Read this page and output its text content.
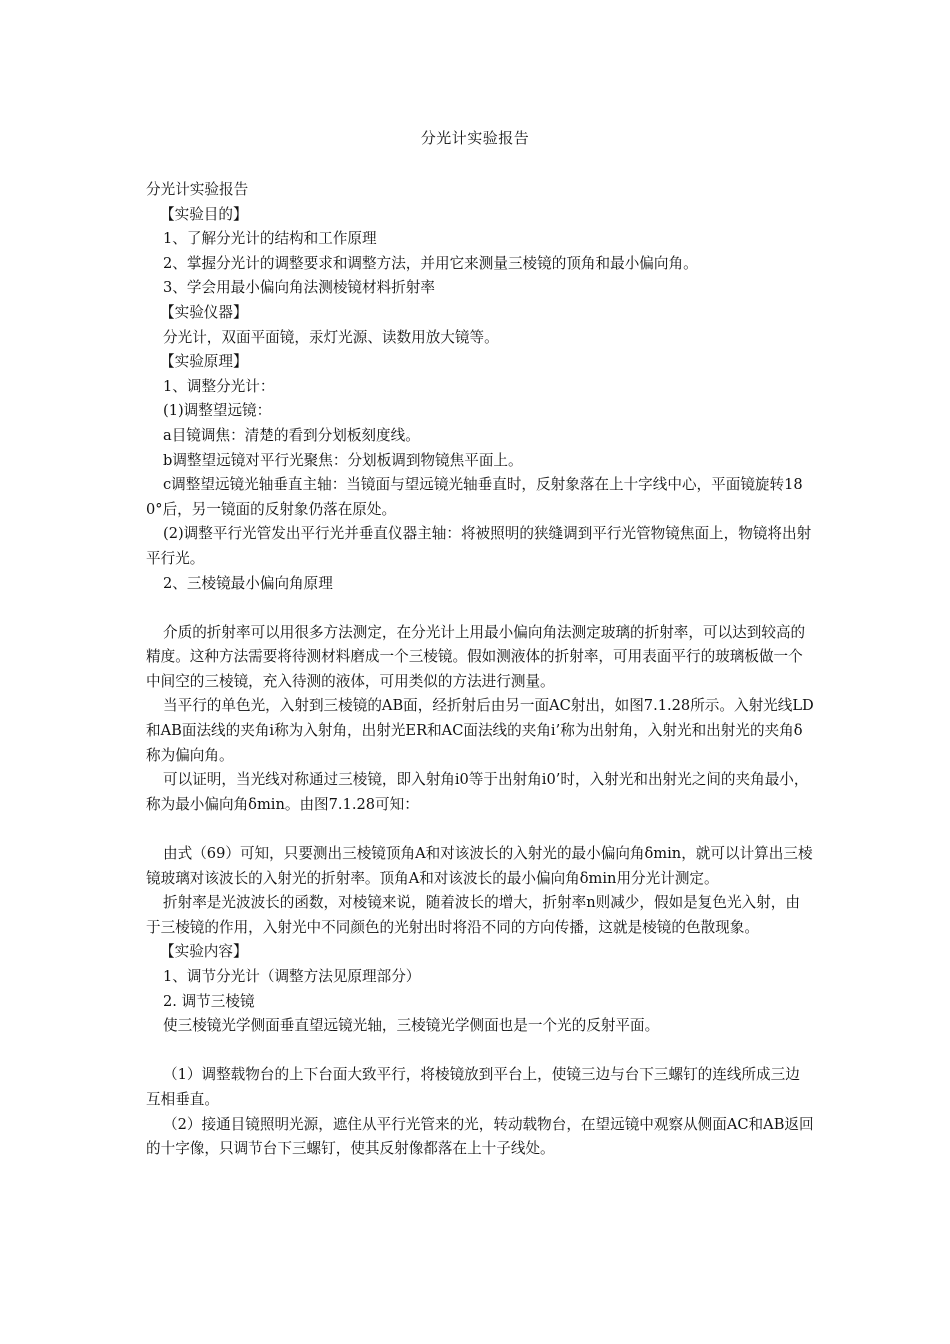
分光计实验报告

分光计实验报告

【实验目的】

1、了解分光计的结构和工作原理

2、掌握分光计的调整要求和调整方法，并用它来测量三棱镜的顶角和最小偏向角。

3、学会用最小偏向角法测棱镜材料折射率

【实验仪器】

分光计，双面平面镜，汞灯光源、读数用放大镜等。

【实验原理】

1、调整分光计：

(1)调整望远镜：

a目镜调焦：清楚的看到分划板刻度线。

b调整望远镜对平行光聚焦：分划板调到物镜焦平面上。

c调整望远镜光轴垂直主轴：当镜面与望远镜光轴垂直时，反射象落在上十字线中心，平面镜旋转180°后，另一镜面的反射象仍落在原处。

(2)调整平行光管发出平行光并垂直仪器主轴：将被照明的狭缝调到平行光管物镜焦面上，物镜将出射平行光。

2、三棱镜最小偏向角原理

介质的折射率可以用很多方法测定，在分光计上用最小偏向角法测定玻璃的折射率，可以达到较高的精度。这种方法需要将待测材料磨成一个三棱镜。假如测液体的折射率，可用表面平行的玻璃板做一个中间空的三棱镜，充入待测的液体，可用类似的方法进行测量。

当平行的单色光，入射到三棱镜的AB面，经折射后由另一面AC射出，如图7.1.28所示。入射光线LD和AB面法线的夹角i称为入射角，出射光ER和AC面法线的夹角i’称为出射角，入射光和出射光的夹角δ称为偏向角。

可以证明，当光线对称通过三棱镜，即入射角i0等于出射角i0’时，入射光和出射光之间的夹角最小，称为最小偏向角δmin。由图7.1.28可知：

由式（69）可知，只要测出三棱镜顶角A和对该波长的入射光的最小偏向角δmin，就可以计算出三棱镜玻璃对该波长的入射光的折射率。顶角A和对该波长的最小偏向角δmin用分光计测定。

折射率是光波波长的函数，对棱镜来说，随着波长的增大，折射率n则减少，假如是复色光入射，由于三棱镜的作用，入射光中不同颜色的光射出时将沿不同的方向传播，这就是棱镜的色散现象。

【实验内容】

1、调节分光计（调整方法见原理部分）

2. 调节三棱镜

使三棱镜光学侧面垂直望远镜光轴，三棱镜光学侧面也是一个光的反射平面。

（1）调整载物台的上下台面大致平行，将棱镜放到平台上，使镜三边与台下三螺钉的连线所成三边互相垂直。

（2）接通目镜照明光源，遮住从平行光管来的光，转动载物台，在望远镜中观察从侧面AC和AB返回的十字像，只调节台下三螺钉，使其反射像都落在上十子线处。
